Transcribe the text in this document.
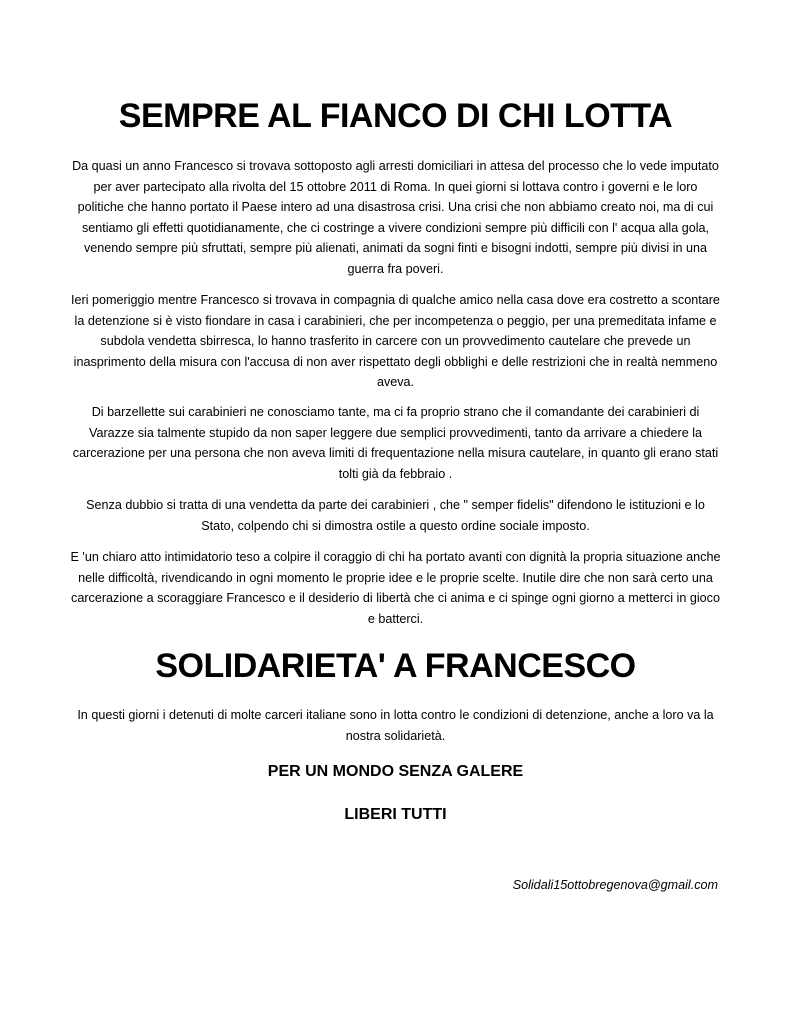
SEMPRE AL FIANCO DI CHI LOTTA

Da quasi un anno Francesco si trovava sottoposto agli arresti domiciliari in attesa del processo che lo vede imputato per aver partecipato alla rivolta del 15 ottobre 2011 di Roma. In quei giorni si lottava contro i governi e le loro politiche che hanno portato il Paese intero ad una disastrosa crisi. Una crisi che non abbiamo creato noi, ma di cui sentiamo gli effetti quotidianamente, che ci costringe a vivere condizioni sempre più difficili con l' acqua alla gola, venendo sempre più sfruttati, sempre più alienati, animati da sogni finti e bisogni indotti, sempre più divisi in una guerra fra poveri.

Ieri pomeriggio mentre Francesco si trovava in compagnia di qualche amico nella casa dove era costretto a scontare la detenzione si è visto fiondare in casa i carabinieri, che per incompetenza o peggio, per una premeditata infame e subdola vendetta sbirresca, lo hanno trasferito in carcere con un provvedimento cautelare che prevede un inasprimento della misura con l'accusa di non aver rispettato degli obblighi e delle restrizioni che in realtà nemmeno aveva.

Di barzellette sui carabinieri ne conosciamo tante, ma ci fa proprio strano che il comandante dei carabinieri di Varazze sia talmente stupido da non saper leggere due semplici provvedimenti, tanto da arrivare a chiedere la carcerazione per una persona che non aveva limiti di frequentazione nella misura cautelare, in quanto gli erano stati tolti già da febbraio .

Senza dubbio si tratta di una vendetta da parte dei carabinieri , che " semper fidelis" difendono le istituzioni e lo Stato, colpendo chi si dimostra ostile a questo ordine sociale imposto.

E 'un chiaro atto intimidatorio teso a colpire il coraggio di chi ha portato avanti con dignità la propria situazione anche nelle difficoltà, rivendicando in ogni momento le proprie idee e le proprie scelte. Inutile dire che non sarà certo una carcerazione a scoraggiare Francesco e il desiderio di libertà che ci anima e ci spinge ogni giorno a metterci in gioco e batterci.

SOLIDARIETA' A FRANCESCO

In questi giorni i detenuti di molte carceri italiane sono in lotta contro le condizioni di detenzione, anche a loro va la nostra solidarietà.

PER UN MONDO SENZA GALERE
LIBERI TUTTI
Solidali15ottobregenova@gmail.com
